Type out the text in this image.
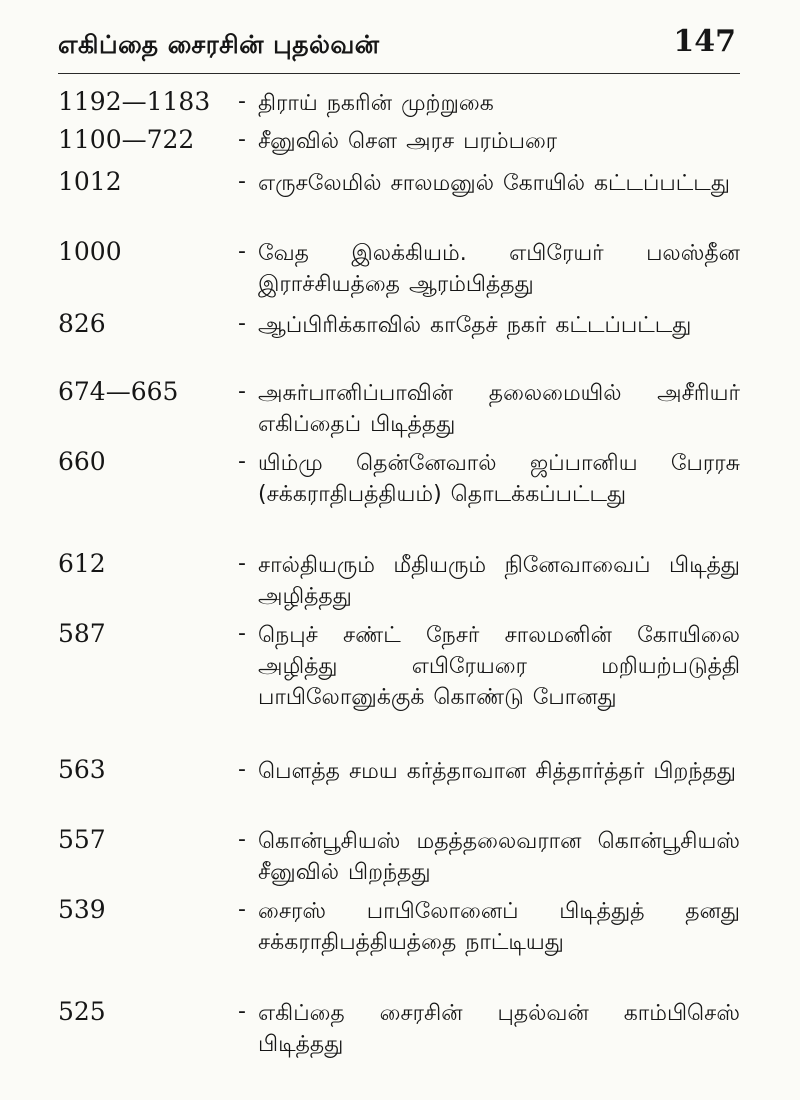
எகிப்தை சைரசின் புதல்வன்	147
1192—1183 - திராய் நகரின் முற்றுகை
1100—722 - சீனுவில் சௌ அரச பரம்பரை
1012	- எருசலேமில் சாலமனுல் கோயில் கட்டப்பட்டது
1000	- வேத இலக்கியம். எபிரேயர் பலஸ்தீன இராச்சியத்தை ஆரம்பித்தது
826	- ஆப்பிரிக்காவில் காதேச் நகர் கட்டப்பட்டது
674—665	- அசுர்பானிப்பாவின் தலைமையில் அசீரியர் எகிப்தைப் பிடித்தது
660	- யிம்மு தென்னேவால் ஜப்பானிய பேரரசு (சக்கராதிபத்தியம்) தொடக்கப்பட்டது
612	- சால்தியரும் மீதியரும் நினேவாவைப் பிடித்து அழித்தது
587	- நெபுச் சண்ட் நேசர் சாலமனின் கோயிலை அழித்து எபிரேயரை மறியற்படுத்தி பாபிலோனுக்குக் கொண்டு போனது
563	- பௌத்த சமய கர்த்தாவான சித்தார்த்தர் பிறந்தது
557	- கொன்பூசியஸ் மதத்தலைவரான கொன்பூசியஸ் சீனுவில் பிறந்தது
539	- சைரஸ் பாபிலோனைப் பிடித்துத் தனது சக்கராதிபத்தியத்தை நாட்டியது
525	- எகிப்தை சைரசின் புதல்வன் காம்பிசெஸ் பிடித்தது
